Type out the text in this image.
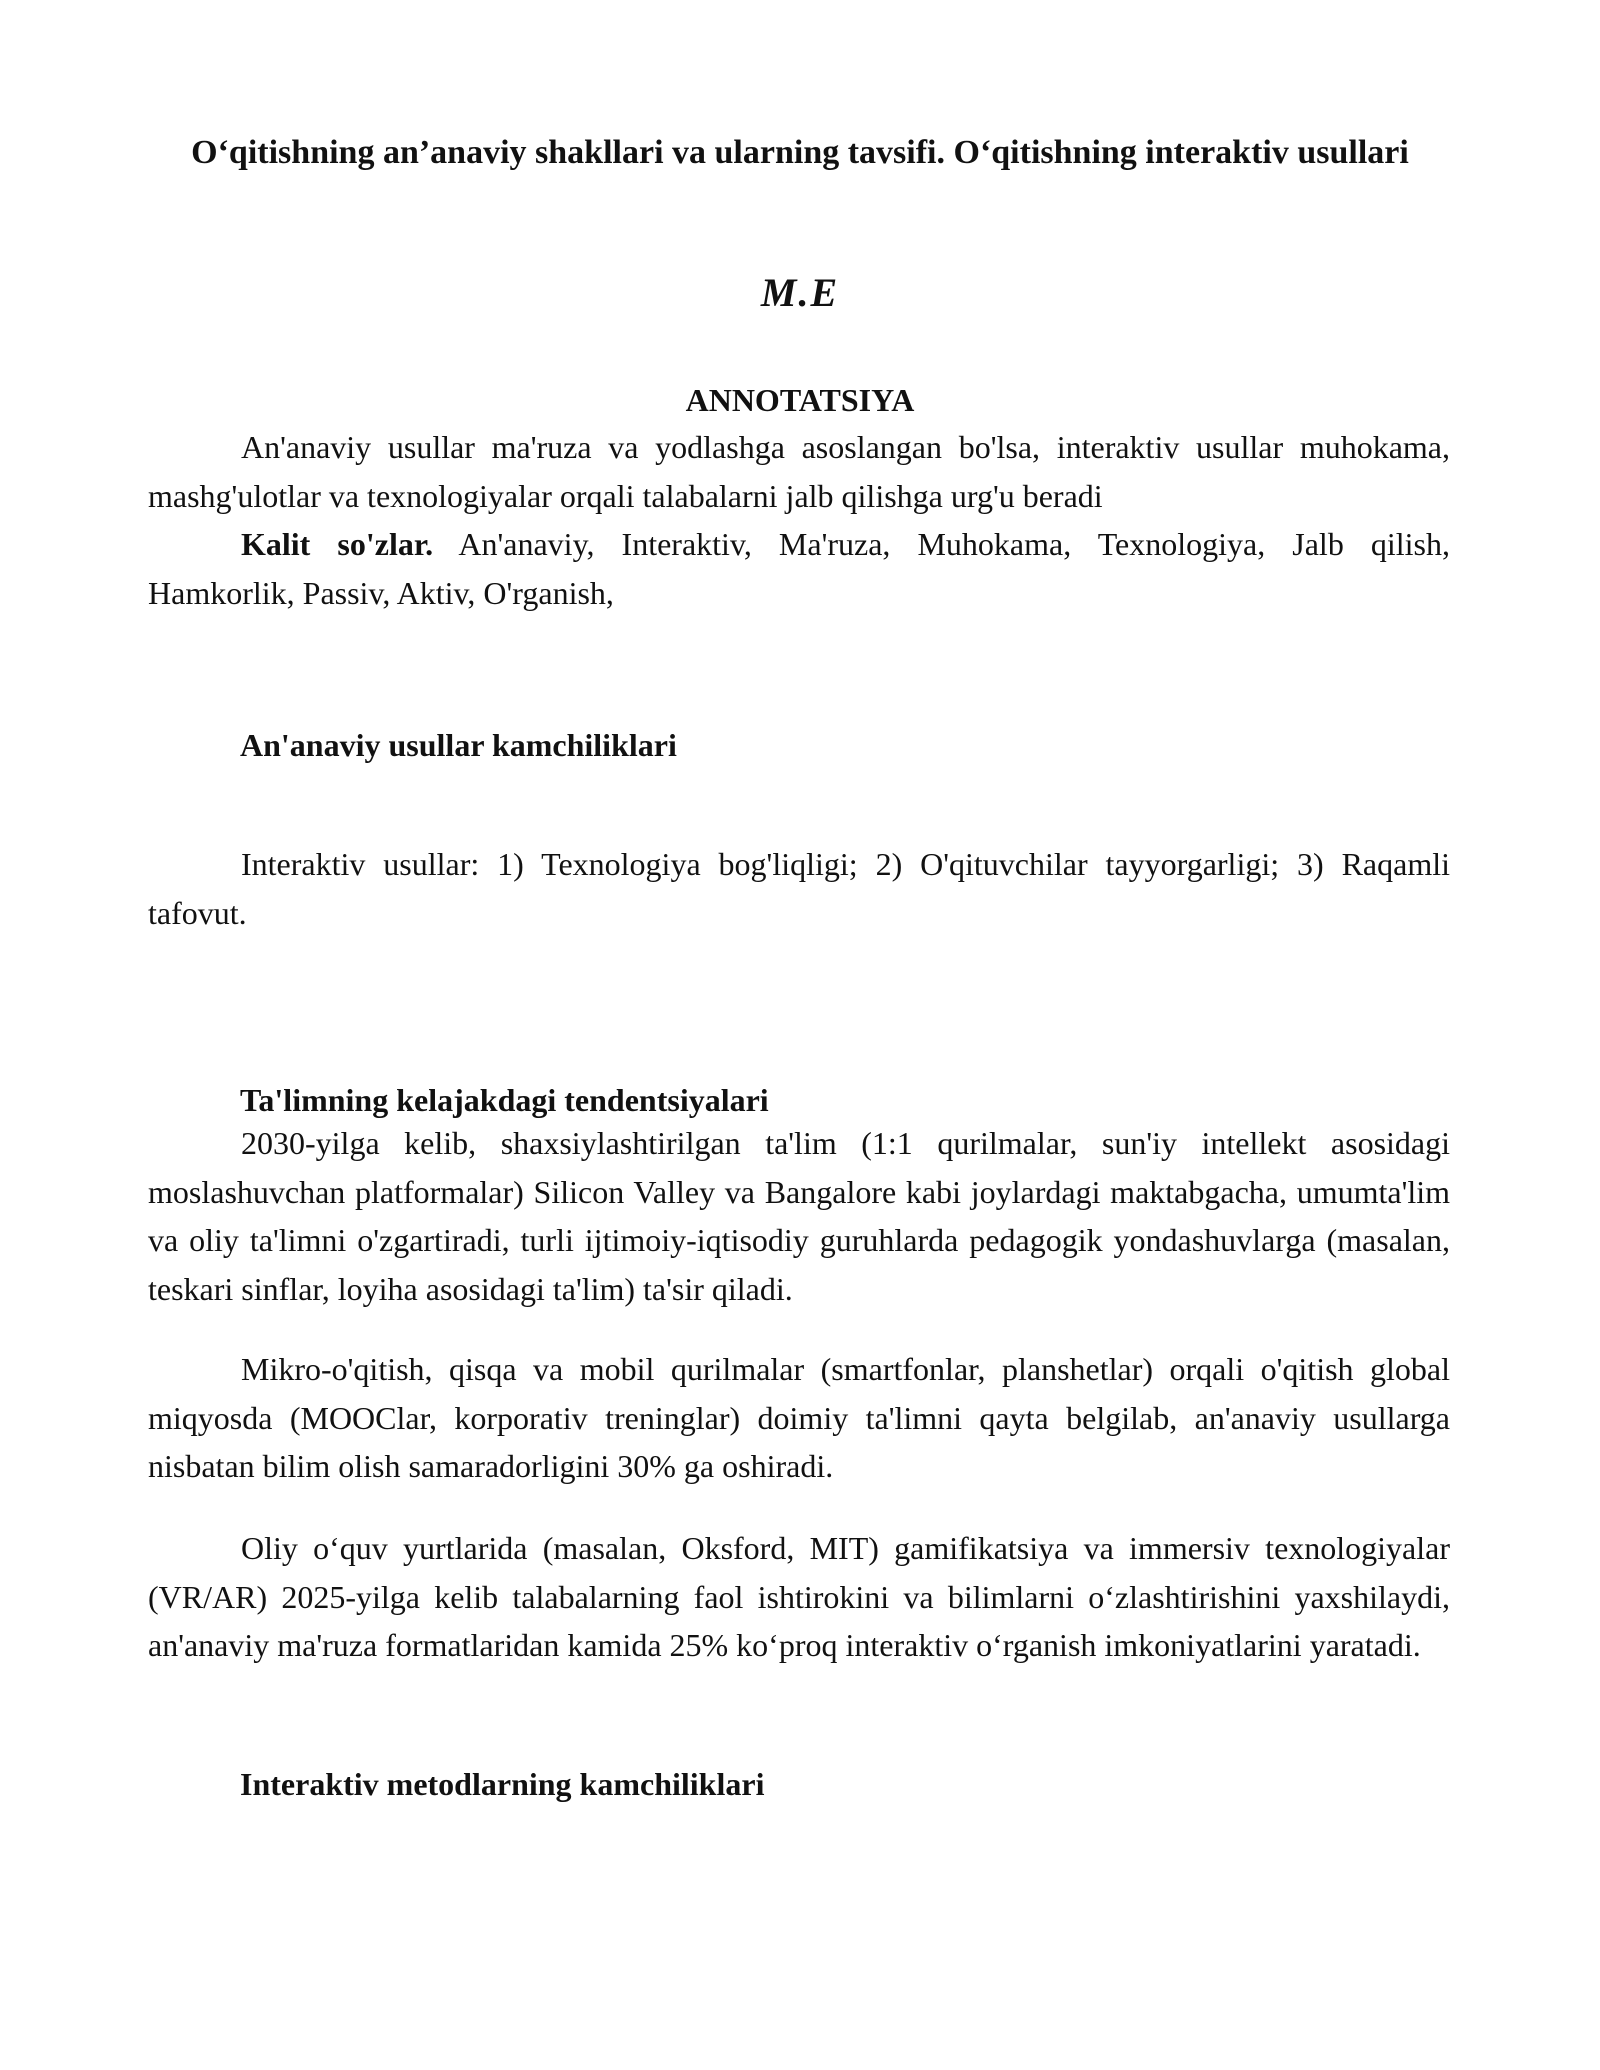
O‘qitishning an’anaviy shakllari va ularning tavsifi. O‘qitishning interaktiv usullari
M.E
ANNOTATSIYA

An'anaviy usullar ma'ruza va yodlashga asoslangan bo'lsa, interaktiv usullar muhokama, mashg'ulotlar va texnologiyalar orqali talabalarni jalb qilishga urg'u beradi

Kalit so'zlar. An'anaviy, Interaktiv, Ma'ruza, Muhokama, Texnologiya, Jalb qilish, Hamkorlik, Passiv, Aktiv, O'rganish,

An'anaviy usullar kamchiliklari

Interaktiv usullar: 1) Texnologiya bog'liqligi; 2) O'qituvchilar tayyorgarligi; 3) Raqamli tafovut.

Ta'limning kelajakdagi tendentsiyalari

2030-yilga kelib, shaxsiylashtirilgan ta'lim (1:1 qurilmalar, sun'iy intellekt asosidagi moslashuvchan platformalar) Silicon Valley va Bangalore kabi joylardagi maktabgacha, umumta'lim va oliy ta'limni o'zgartiradi, turli ijtimoiy-iqtisodiy guruhlarda pedagogik yondashuvlarga (masalan, teskari sinflar, loyiha asosidagi ta'lim) ta'sir qiladi.

Mikro-o'qitish, qisqa va mobil qurilmalar (smartfonlar, planshetlar) orqali o'qitish global miqyosda (MOOClar, korporativ treninglar) doimiy ta'limni qayta belgilab, an'anaviy usullarga nisbatan bilim olish samaradorligini 30% ga oshiradi.

Oliy o‘quv yurtlarida (masalan, Oksford, MIT) gamifikatsiya va immersiv texnologiyalar (VR/AR) 2025-yilga kelib talabalarning faol ishtirokini va bilimlarni o‘zlashtirishini yaxshilaydi, an'anaviy ma'ruza formatlaridan kamida 25% ko‘proq interaktiv o‘rganish imkoniyatlarini yaratadi.

Interaktiv metodlarning kamchiliklari
